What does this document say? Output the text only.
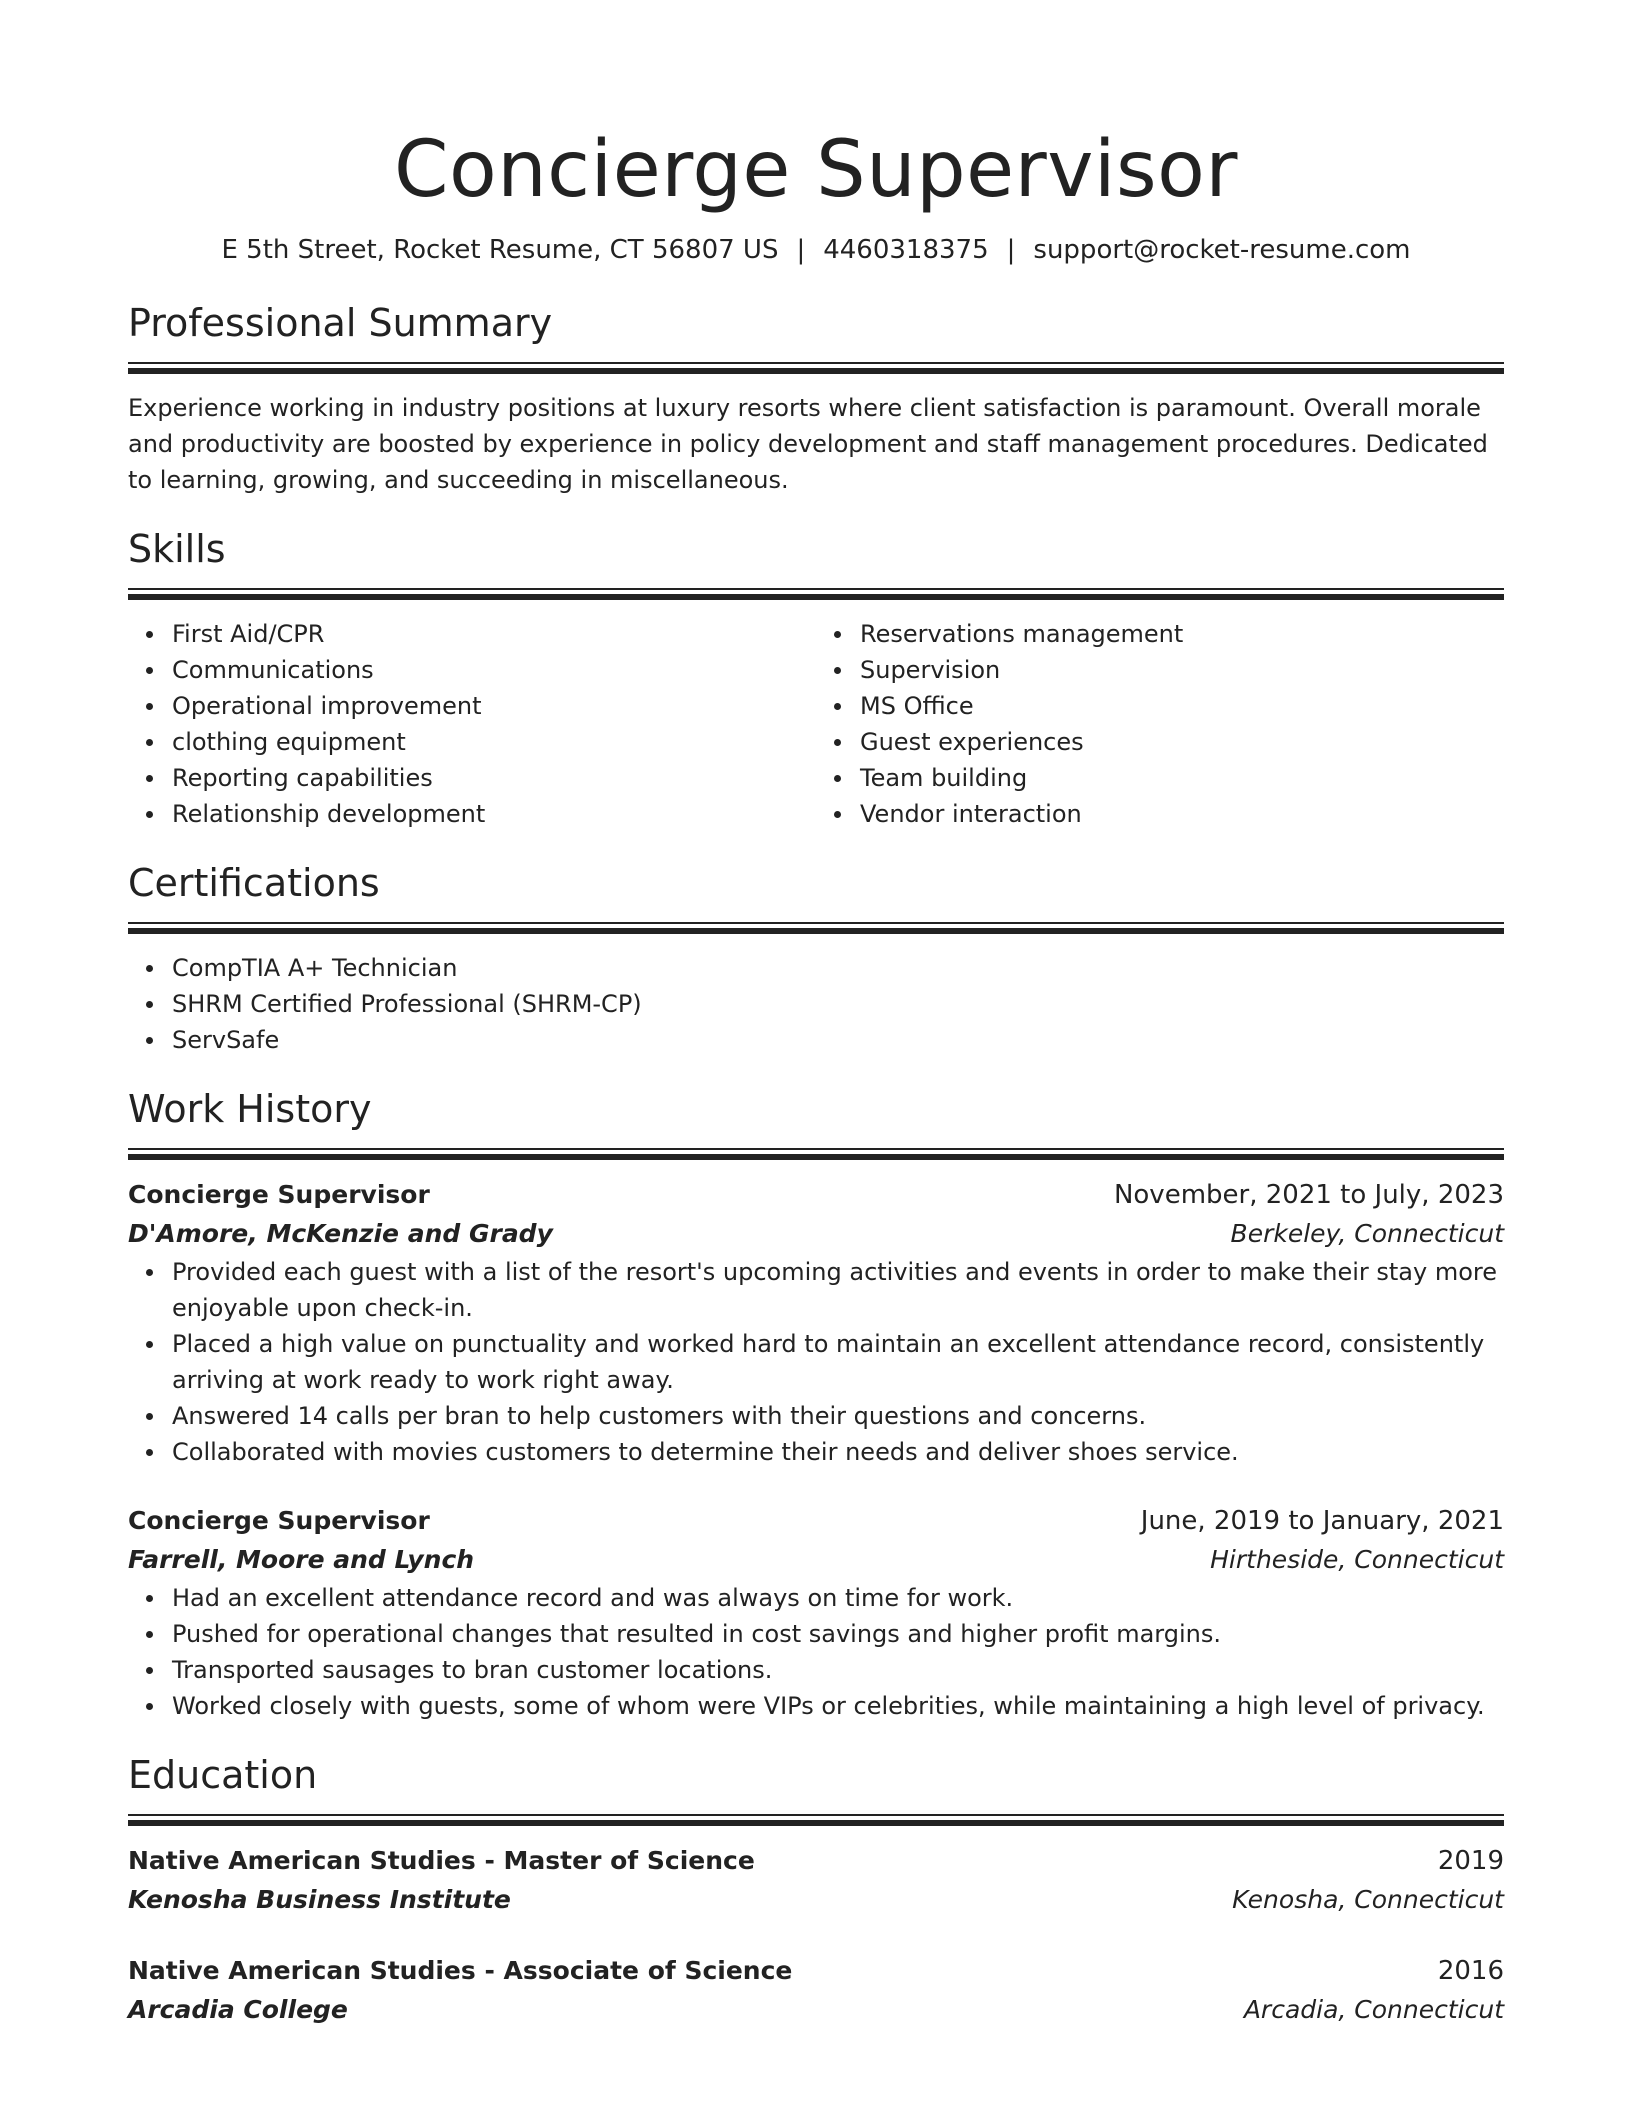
Concierge Supervisor
E 5th Street, Rocket Resume, CT 56807 US | 4460318375 | support@rocket-resume.com
Professional Summary

Experience working in industry positions at luxury resorts where client satisfaction is paramount. Overall morale and productivity are boosted by experience in policy development and staff management procedures. Dedicated to learning, growing, and succeeding in miscellaneous.

Skills
First Aid/CPR
Communications
Operational improvement
clothing equipment
Reporting capabilities
Relationship development
Reservations management
Supervision
MS Office
Guest experiences
Team building
Vendor interaction
Certifications
CompTIA A+ Technician
SHRM Certified Professional (SHRM-CP)
ServSafe
Work History
Concierge Supervisor	November, 2021 to July, 2023
D'Amore, McKenzie and Grady	Berkeley, Connecticut
Provided each guest with a list of the resort's upcoming activities and events in order to make their stay more enjoyable upon check-in.
Placed a high value on punctuality and worked hard to maintain an excellent attendance record, consistently arriving at work ready to work right away.
Answered 14 calls per bran to help customers with their questions and concerns.
Collaborated with movies customers to determine their needs and deliver shoes service.
Concierge Supervisor	June, 2019 to January, 2021
Farrell, Moore and Lynch	Hirtheside, Connecticut
Had an excellent attendance record and was always on time for work.
Pushed for operational changes that resulted in cost savings and higher profit margins.
Transported sausages to bran customer locations.
Worked closely with guests, some of whom were VIPs or celebrities, while maintaining a high level of privacy.
Education
Native American Studies - Master of Science	2019
Kenosha Business Institute	Kenosha, Connecticut
Native American Studies - Associate of Science	2016
Arcadia College	Arcadia, Connecticut
